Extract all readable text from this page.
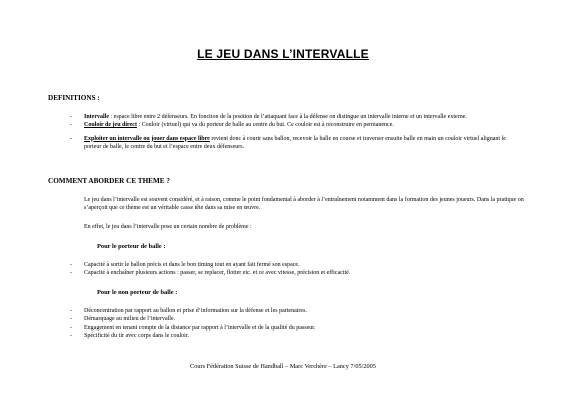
LE JEU DANS L’INTERVALLE
DEFINITIONS :
- Intervalle : espace libre entre 2 défenseurs. En fonction de la position de l’attaquant face à la défense on distingue un intervalle interne et un intervalle externe.
- Couloir de jeu direct : Couloir (virtuel) qui va du porteur de balle au centre du but. Ce couloir est à reconstruire en permanence.
- Exploiter un intervalle ou jouer dans espace libre revient donc à courir sans ballon, recevoir la balle en course et traverser ensuite balle en main un couloir virtuel alignant le porteur de balle, le centre du but et l’espace entre deux défenseurs.
COMMENT ABORDER CE THEME ?

Le jeu dans l’intervalle est souvent considéré, et à raison, comme le point fondamental à aborder à l’entraînement notamment dans la formation des jeunes joueurs. Dans la pratique on s’aperçoit que ce thème est un véritable casse tête dans sa mise en œuvre.

En effet, le jeu dans l’intervalle pose un certain nombre de problème :

Pour le porteur de balle :
- Capacité à sortir le ballon précis et dans le bon timing tout en ayant fait fermé son espace.
- Capacité à enchaîner plusieurs actions : passer, se replacer, flotter etc. et ce avec vitesse, précision et efficacité.
Pour le non porteur de balle :
- Déconcentration par rapport au ballon et prise d’information sur la défense et les partenaires.
- Démarquage au milieu de l’intervalle.
- Engagement en tenant compte de la distance par rapport à l’intervalle et de la qualité du passeur.
- Spécificité du tir avec corps dans le couloir.
Cours Fédération Suisse de Handball – Marc Verchère – Lancy 7/05/2005
